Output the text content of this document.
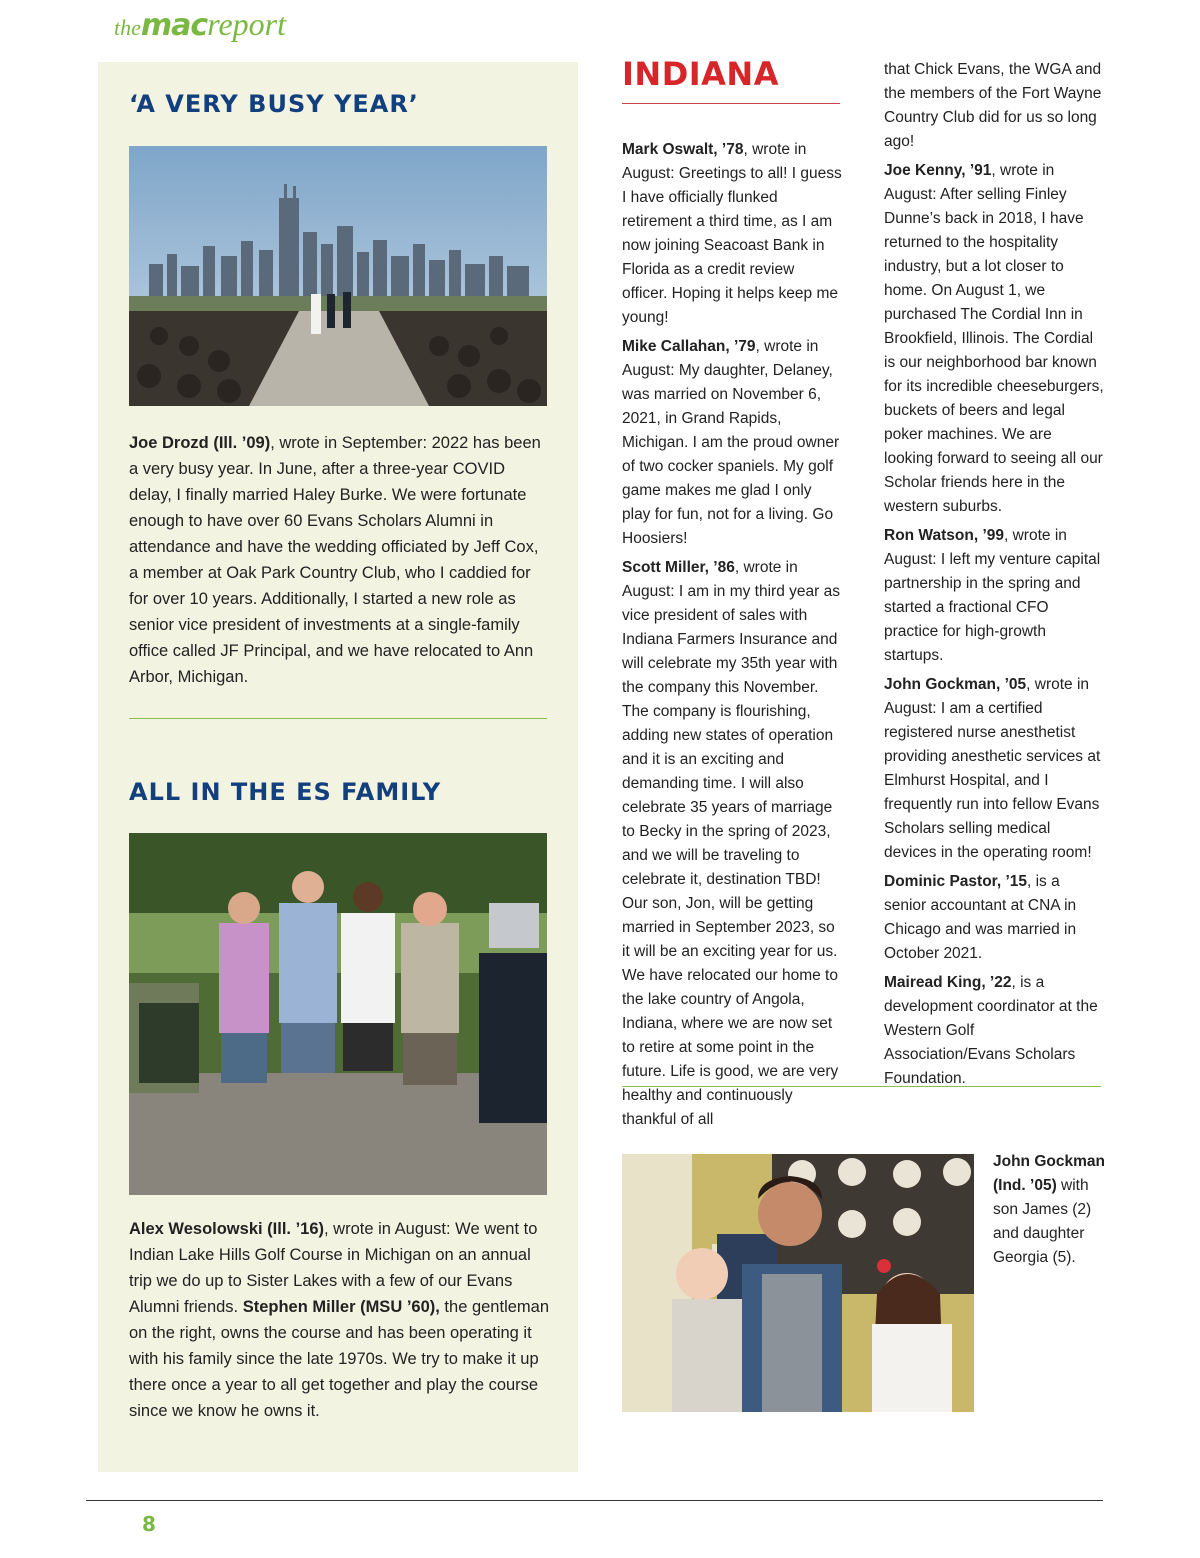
themacreport
‘A VERY BUSY YEAR’

Joe Drozd (Ill. ’09), wrote in September: 2022 has been a very busy year. In June, after a three-year COVID delay, I finally married Haley Burke. We were fortunate enough to have over 60 Evans Scholars Alumni in attendance and have the wedding officiated by Jeff Cox, a member at Oak Park Country Club, who I caddied for for over 10 years. Additionally, I started a new role as senior vice president of investments at a single-family office called JF Principal, and we have relocated to Ann Arbor, Michigan.

ALL IN THE ES FAMILY

Alex Wesolowski (Ill. ’16), wrote in August: We went to Indian Lake Hills Golf Course in Michigan on an annual trip we do up to Sister Lakes with a few of our Evans Alumni friends. Stephen Miller (MSU ’60), the gentleman on the right, owns the course and has been operating it with his family since the late 1970s. We try to make it up there once a year to all get together and play the course since we know he owns it.

INDIANA

Mark Oswalt, ’78, wrote in August: Greetings to all! I guess I have officially flunked retirement a third time, as I am now joining Seacoast Bank in Florida as a credit review officer. Hoping it helps keep me young!

Mike Callahan, ’79, wrote in August: My daughter, Delaney, was married on November 6, 2021, in Grand Rapids, Michigan. I am the proud owner of two cocker spaniels. My golf game makes me glad I only play for fun, not for a living. Go Hoosiers!

Scott Miller, ’86, wrote in August: I am in my third year as vice president of sales with Indiana Farmers Insurance and will celebrate my 35th year with the company this November. The company is flourishing, adding new states of operation and it is an exciting and demanding time. I will also celebrate 35 years of marriage to Becky in the spring of 2023, and we will be traveling to celebrate it, destination TBD! Our son, Jon, will be getting married in September 2023, so it will be an exciting year for us. We have relocated our home to the lake country of Angola, Indiana, where we are now set to retire at some point in the future. Life is good, we are very healthy and continuously thankful of all

that Chick Evans, the WGA and the members of the Fort Wayne Country Club did for us so long ago!

Joe Kenny, ’91, wrote in August: After selling Finley Dunne’s back in 2018, I have returned to the hospitality industry, but a lot closer to home. On August 1, we purchased The Cordial Inn in Brookfield, Illinois. The Cordial is our neighborhood bar known for its incredible cheeseburgers, buckets of beers and legal poker machines. We are looking forward to seeing all our Scholar friends here in the western suburbs.

Ron Watson, ’99, wrote in August: I left my venture capital partnership in the spring and started a fractional CFO practice for high-growth startups.

John Gockman, ’05, wrote in August: I am a certified registered nurse anesthetist providing anesthetic services at Elmhurst Hospital, and I frequently run into fellow Evans Scholars selling medical devices in the operating room!

Dominic Pastor, ’15, is a senior accountant at CNA in Chicago and was married in October 2021.

Mairead King, ’22, is a development coordinator at the Western Golf Association/Evans Scholars Foundation.

John Gockman (Ind. ’05) with son James (2) and daughter Georgia (5).

8
